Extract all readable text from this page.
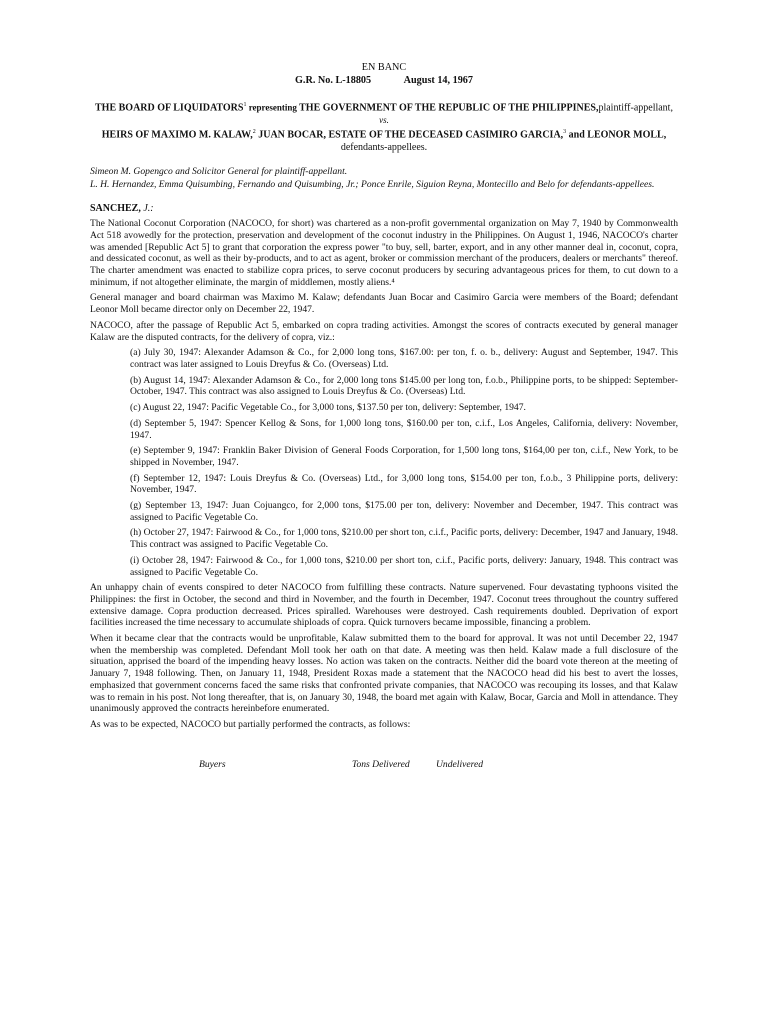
EN BANC
G.R. No. L-18805	August 14, 1967
THE BOARD OF LIQUIDATORS$^1$ representing THE GOVERNMENT OF THE REPUBLIC OF THE PHILIPPINES,plaintiff-appellant,
vs.
HEIRS OF MAXIMO M. KALAW,$^2$ JUAN BOCAR, ESTATE OF THE DECEASED CASIMIRO GARCIA,$^3$ and LEONOR MOLL, defendants-appellees.
Simeon M. Gopengco and Solicitor General for plaintiff-appellant.
L. H. Hernandez, Emma Quisumbing, Fernando and Quisumbing, Jr.; Ponce Enrile, Siguion Reyna, Montecillo and Belo for defendants-appellees.
SANCHEZ, J.:

The National Coconut Corporation (NACOCO, for short) was chartered as a non-profit governmental organization on May 7, 1940 by Commonwealth Act 518 avowedly for the protection, preservation and development of the coconut industry in the Philippines. On August 1, 1946, NACOCO's charter was amended [Republic Act 5] to grant that corporation the express power "to buy, sell, barter, export, and in any other manner deal in, coconut, copra, and dessicated coconut, as well as their by-products, and to act as agent, broker or commission merchant of the producers, dealers or merchants" thereof. The charter amendment was enacted to stabilize copra prices, to serve coconut producers by securing advantageous prices for them, to cut down to a minimum, if not altogether eliminate, the margin of middlemen, mostly aliens.⁴

General manager and board chairman was Maximo M. Kalaw; defendants Juan Bocar and Casimiro Garcia were members of the Board; defendant Leonor Moll became director only on December 22, 1947.

NACOCO, after the passage of Republic Act 5, embarked on copra trading activities. Amongst the scores of contracts executed by general manager Kalaw are the disputed contracts, for the delivery of copra, viz.:

(a) July 30, 1947: Alexander Adamson & Co., for 2,000 long tons, $167.00: per ton, f. o. b., delivery: August and September, 1947. This contract was later assigned to Louis Dreyfus & Co. (Overseas) Ltd.
(b) August 14, 1947: Alexander Adamson & Co., for 2,000 long tons $145.00 per long ton, f.o.b., Philippine ports, to be shipped: September-October, 1947. This contract was also assigned to Louis Dreyfus & Co. (Overseas) Ltd.
(c) August 22, 1947: Pacific Vegetable Co., for 3,000 tons, $137.50 per ton, delivery: September, 1947.
(d) September 5, 1947: Spencer Kellog & Sons, for 1,000 long tons, $160.00 per ton, c.i.f., Los Angeles, California, delivery: November, 1947.
(e) September 9, 1947: Franklin Baker Division of General Foods Corporation, for 1,500 long tons, $164,00 per ton, c.i.f., New York, to be shipped in November, 1947.
(f) September 12, 1947: Louis Dreyfus & Co. (Overseas) Ltd., for 3,000 long tons, $154.00 per ton, f.o.b., 3 Philippine ports, delivery: November, 1947.
(g) September 13, 1947: Juan Cojuangco, for 2,000 tons, $175.00 per ton, delivery: November and December, 1947. This contract was assigned to Pacific Vegetable Co.
(h) October 27, 1947: Fairwood & Co., for 1,000 tons, $210.00 per short ton, c.i.f., Pacific ports, delivery: December, 1947 and January, 1948. This contract was assigned to Pacific Vegetable Co.
(i) October 28, 1947: Fairwood & Co., for 1,000 tons, $210.00 per short ton, c.i.f., Pacific ports, delivery: January, 1948. This contract was assigned to Pacific Vegetable Co.

An unhappy chain of events conspired to deter NACOCO from fulfilling these contracts. Nature supervened. Four devastating typhoons visited the Philippines: the first in October, the second and third in November, and the fourth in December, 1947. Coconut trees throughout the country suffered extensive damage. Copra production decreased. Prices spiralled. Warehouses were destroyed. Cash requirements doubled. Deprivation of export facilities increased the time necessary to accumulate shiploads of copra. Quick turnovers became impossible, financing a problem.

When it became clear that the contracts would be unprofitable, Kalaw submitted them to the board for approval. It was not until December 22, 1947 when the membership was completed. Defendant Moll took her oath on that date. A meeting was then held. Kalaw made a full disclosure of the situation, apprised the board of the impending heavy losses. No action was taken on the contracts. Neither did the board vote thereon at the meeting of January 7, 1948 following. Then, on January 11, 1948, President Roxas made a statement that the NACOCO head did his best to avert the losses, emphasized that government concerns faced the same risks that confronted private companies, that NACOCO was recouping its losses, and that Kalaw was to remain in his post. Not long thereafter, that is, on January 30, 1948, the board met again with Kalaw, Bocar, Garcia and Moll in attendance. They unanimously approved the contracts hereinbefore enumerated.

As was to be expected, NACOCO but partially performed the contracts, as follows:

Buyers	Tons Delivered	Undelivered
